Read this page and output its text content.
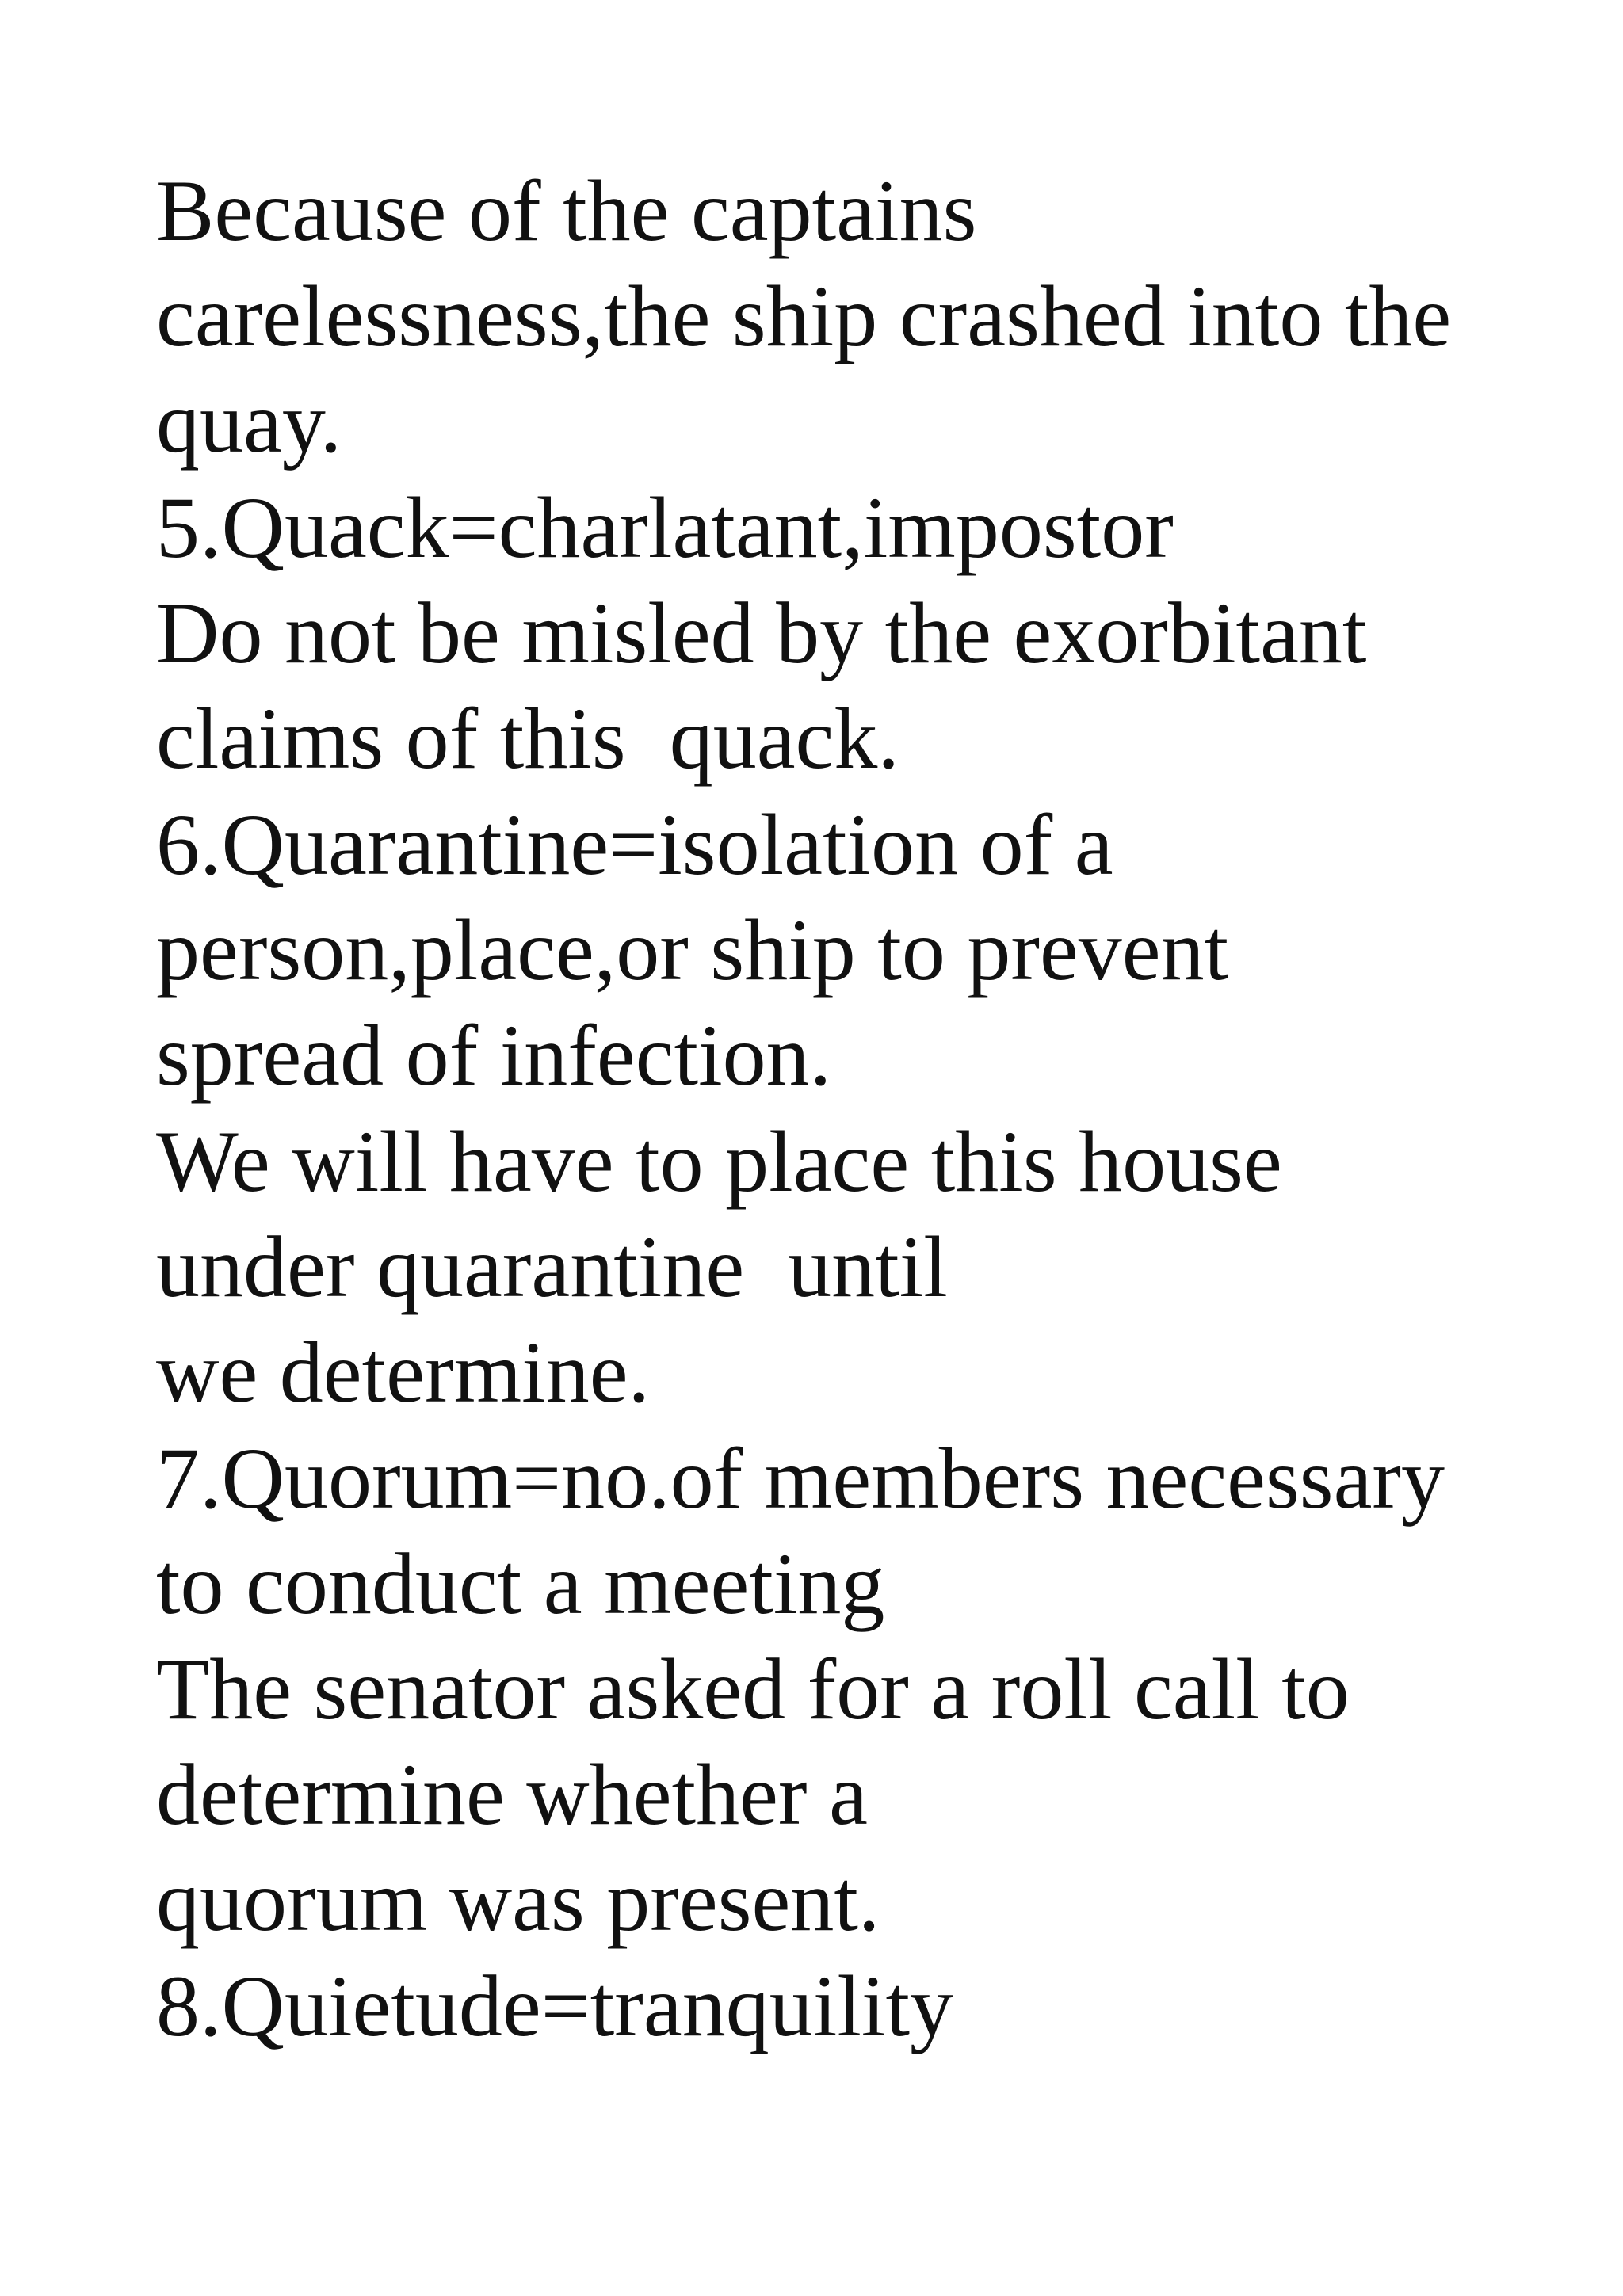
Because of the captains

carelessness,the ship crashed into the

quay.

5.Quack=charlatant,impostor

Do not be misled by the exorbitant

claims of this  quack.

6.Quarantine=isolation of a

person,place,or ship to prevent

spread of infection.

We will have to place this house

under quarantine  until

we determine.

7.Quorum=no.of members necessary

to conduct a meeting

The senator asked for a roll call to

determine whether a

quorum was present.

8.Quietude=tranquility
